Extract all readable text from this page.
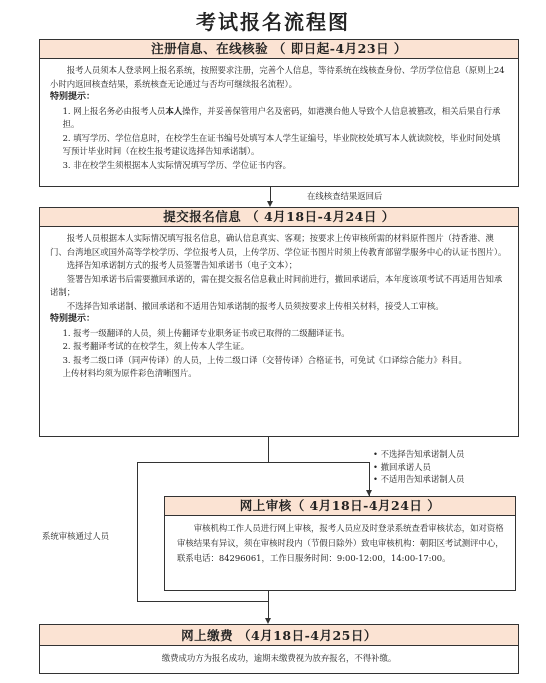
考试报名流程图
注册信息、在线核验 （ 即日起-4月23日 ）

报考人员须本人登录网上报名系统，按照要求注册，完善个人信息，等待系统在线核查身份、学历学位信息（原则上24小时内返回核查结果，系统核查无论通过与否均可继续报名流程）。

特别提示：

1. 网上报名务必由报考人员本人操作，并妥善保管用户名及密码，如港澳台他人导致个人信息被篡改，相关后果自行承担。

2. 填写学历、学位信息时，在校学生在证书编号处填写本人学生证编号，毕业院校处填写本人就读院校，毕业时间处填写预计毕业时间（在校生报考建议选择告知承诺制）。

3. 非在校学生须根据本人实际情况填写学历、学位证书内容。

在线核查结果返回后
提交报名信息 （ 4月18日-4月24日 ）

报考人员根据本人实际情况填写报名信息，确认信息真实、客观；按要求上传审核所需的材料原件图片（持香港、澳门、台湾地区或国外高等学校学历、学位报考人员，上传学历、学位证书图片时须上传教育部留学服务中心的认证书图片）。

选择告知承诺制方式的报考人员签署告知承诺书（电子文本）；

签署告知承诺书后需要撤回承诺的，需在提交报名信息截止时间前进行，撤回承诺后，本年度该项考试不再适用告知承诺制；

不选择告知承诺制、撤回承诺和不适用告知承诺制的报考人员须按要求上传相关材料，接受人工审核。

特别提示：

1. 报考一级翻译的人员，须上传翻译专业职务证书或已取得的二级翻译证书。

2. 报考翻译考试的在校学生，须上传本人学生证。

3. 报考二级口译（同声传译）的人员，上传二级口译（交替传译）合格证书，可免试《口译综合能力》科目。

上传材料均须为原件彩色清晰图片。

• 不选择告知承诺制人员
• 撤回承诺人员
• 不适用告知承诺制人员
系统审核通过人员
网上审核（ 4月18日-4月24日 ）

审核机构工作人员进行网上审核，报考人员应及时登录系统查看审核状态，如对资格审核结果有异议，须在审核时段内（节假日除外）致电审核机构：朝阳区考试测评中心，联系电话：84296061，工作日服务时间：9:00-12:00，14:00-17:00。

网上缴费 （4月18日-4月25日）

缴费成功方为报名成功，逾期未缴费视为放弃报名，不得补缴。
